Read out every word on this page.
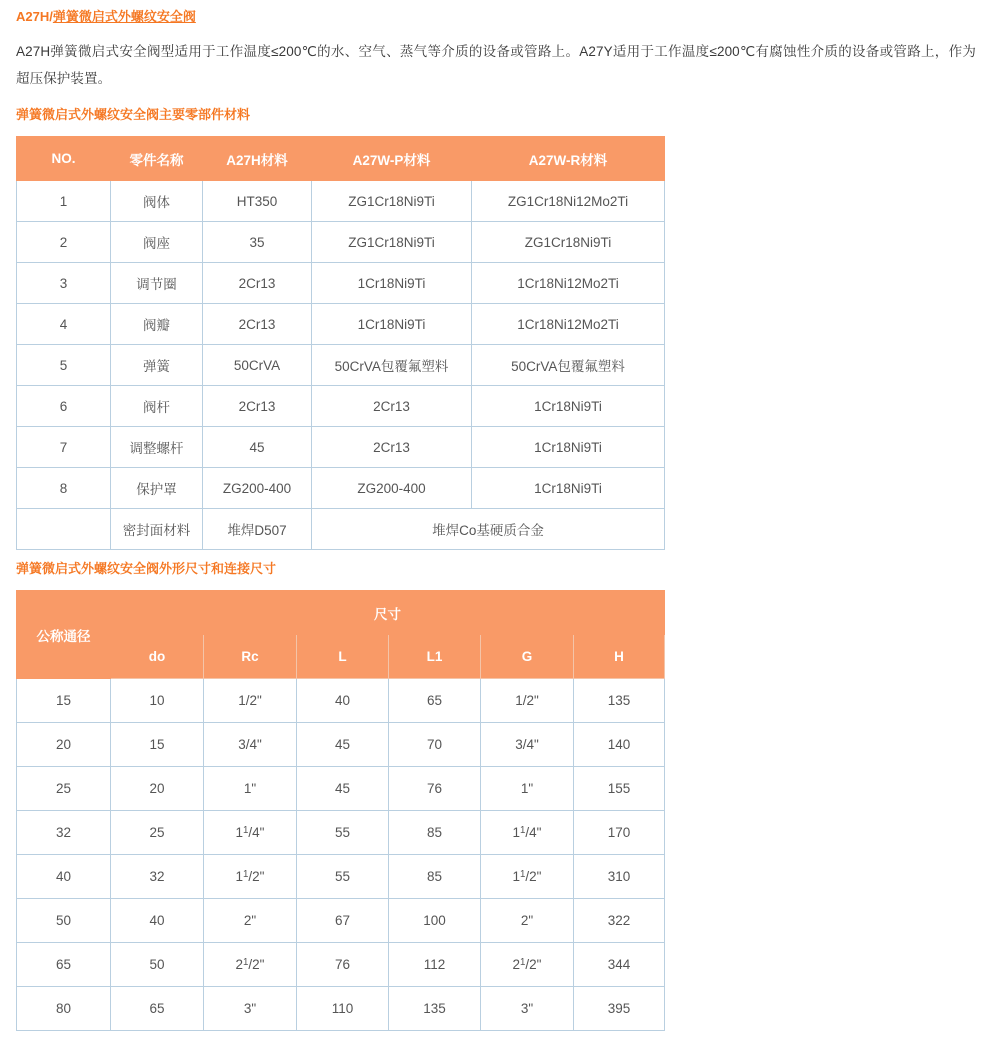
A27H/弹簧微启式外螺纹安全阀

A27H弹簧微启式安全阀型适用于工作温度≤200℃的水、空气、蒸气等介质的设备或管路上。A27Y适用于工作温度≤200℃有腐蚀性介质的设备或管路上，作为超压保护装置。

弹簧微启式外螺纹安全阀主要零部件材料
NO.	零件名称	A27H材料	A27W-P材料	A27W-R材料
1	阀体	HT350	ZG1Cr18Ni9Ti	ZG1Cr18Ni12Mo2Ti
2	阀座	35	ZG1Cr18Ni9Ti	ZG1Cr18Ni9Ti
3	调节圈	2Cr13	1Cr18Ni9Ti	1Cr18Ni12Mo2Ti
4	阀瓣	2Cr13	1Cr18Ni9Ti	1Cr18Ni12Mo2Ti
5	弹簧	50CrVA	50CrVA包覆氟塑料	50CrVA包覆氟塑料
6	阀杆	2Cr13	2Cr13	1Cr18Ni9Ti
7	调整螺杆	45	2Cr13	1Cr18Ni9Ti
8	保护罩	ZG200-400	ZG200-400	1Cr18Ni9Ti
	密封面材料	堆焊D507	堆焊Co基硬质合金	
弹簧微启式外螺纹安全阀外形尺寸和连接尺寸
公称通径	尺寸					
	do	Rc	L	L1	G	H
15	10	1/2"	40	65	1/2"	135
20	15	3/4"	45	70	3/4"	140
25	20	1"	45	76	1"	155
32	25	$1^1/4$"	55	85	$1^1/4$"	170
40	32	$1^1/2$"	55	85	$1^1/2$"	310
50	40	2"	67	100	2"	322
65	50	$2^1/2$"	76	112	$2^1/2$"	344
80	65	3"	110	135	3"	395
